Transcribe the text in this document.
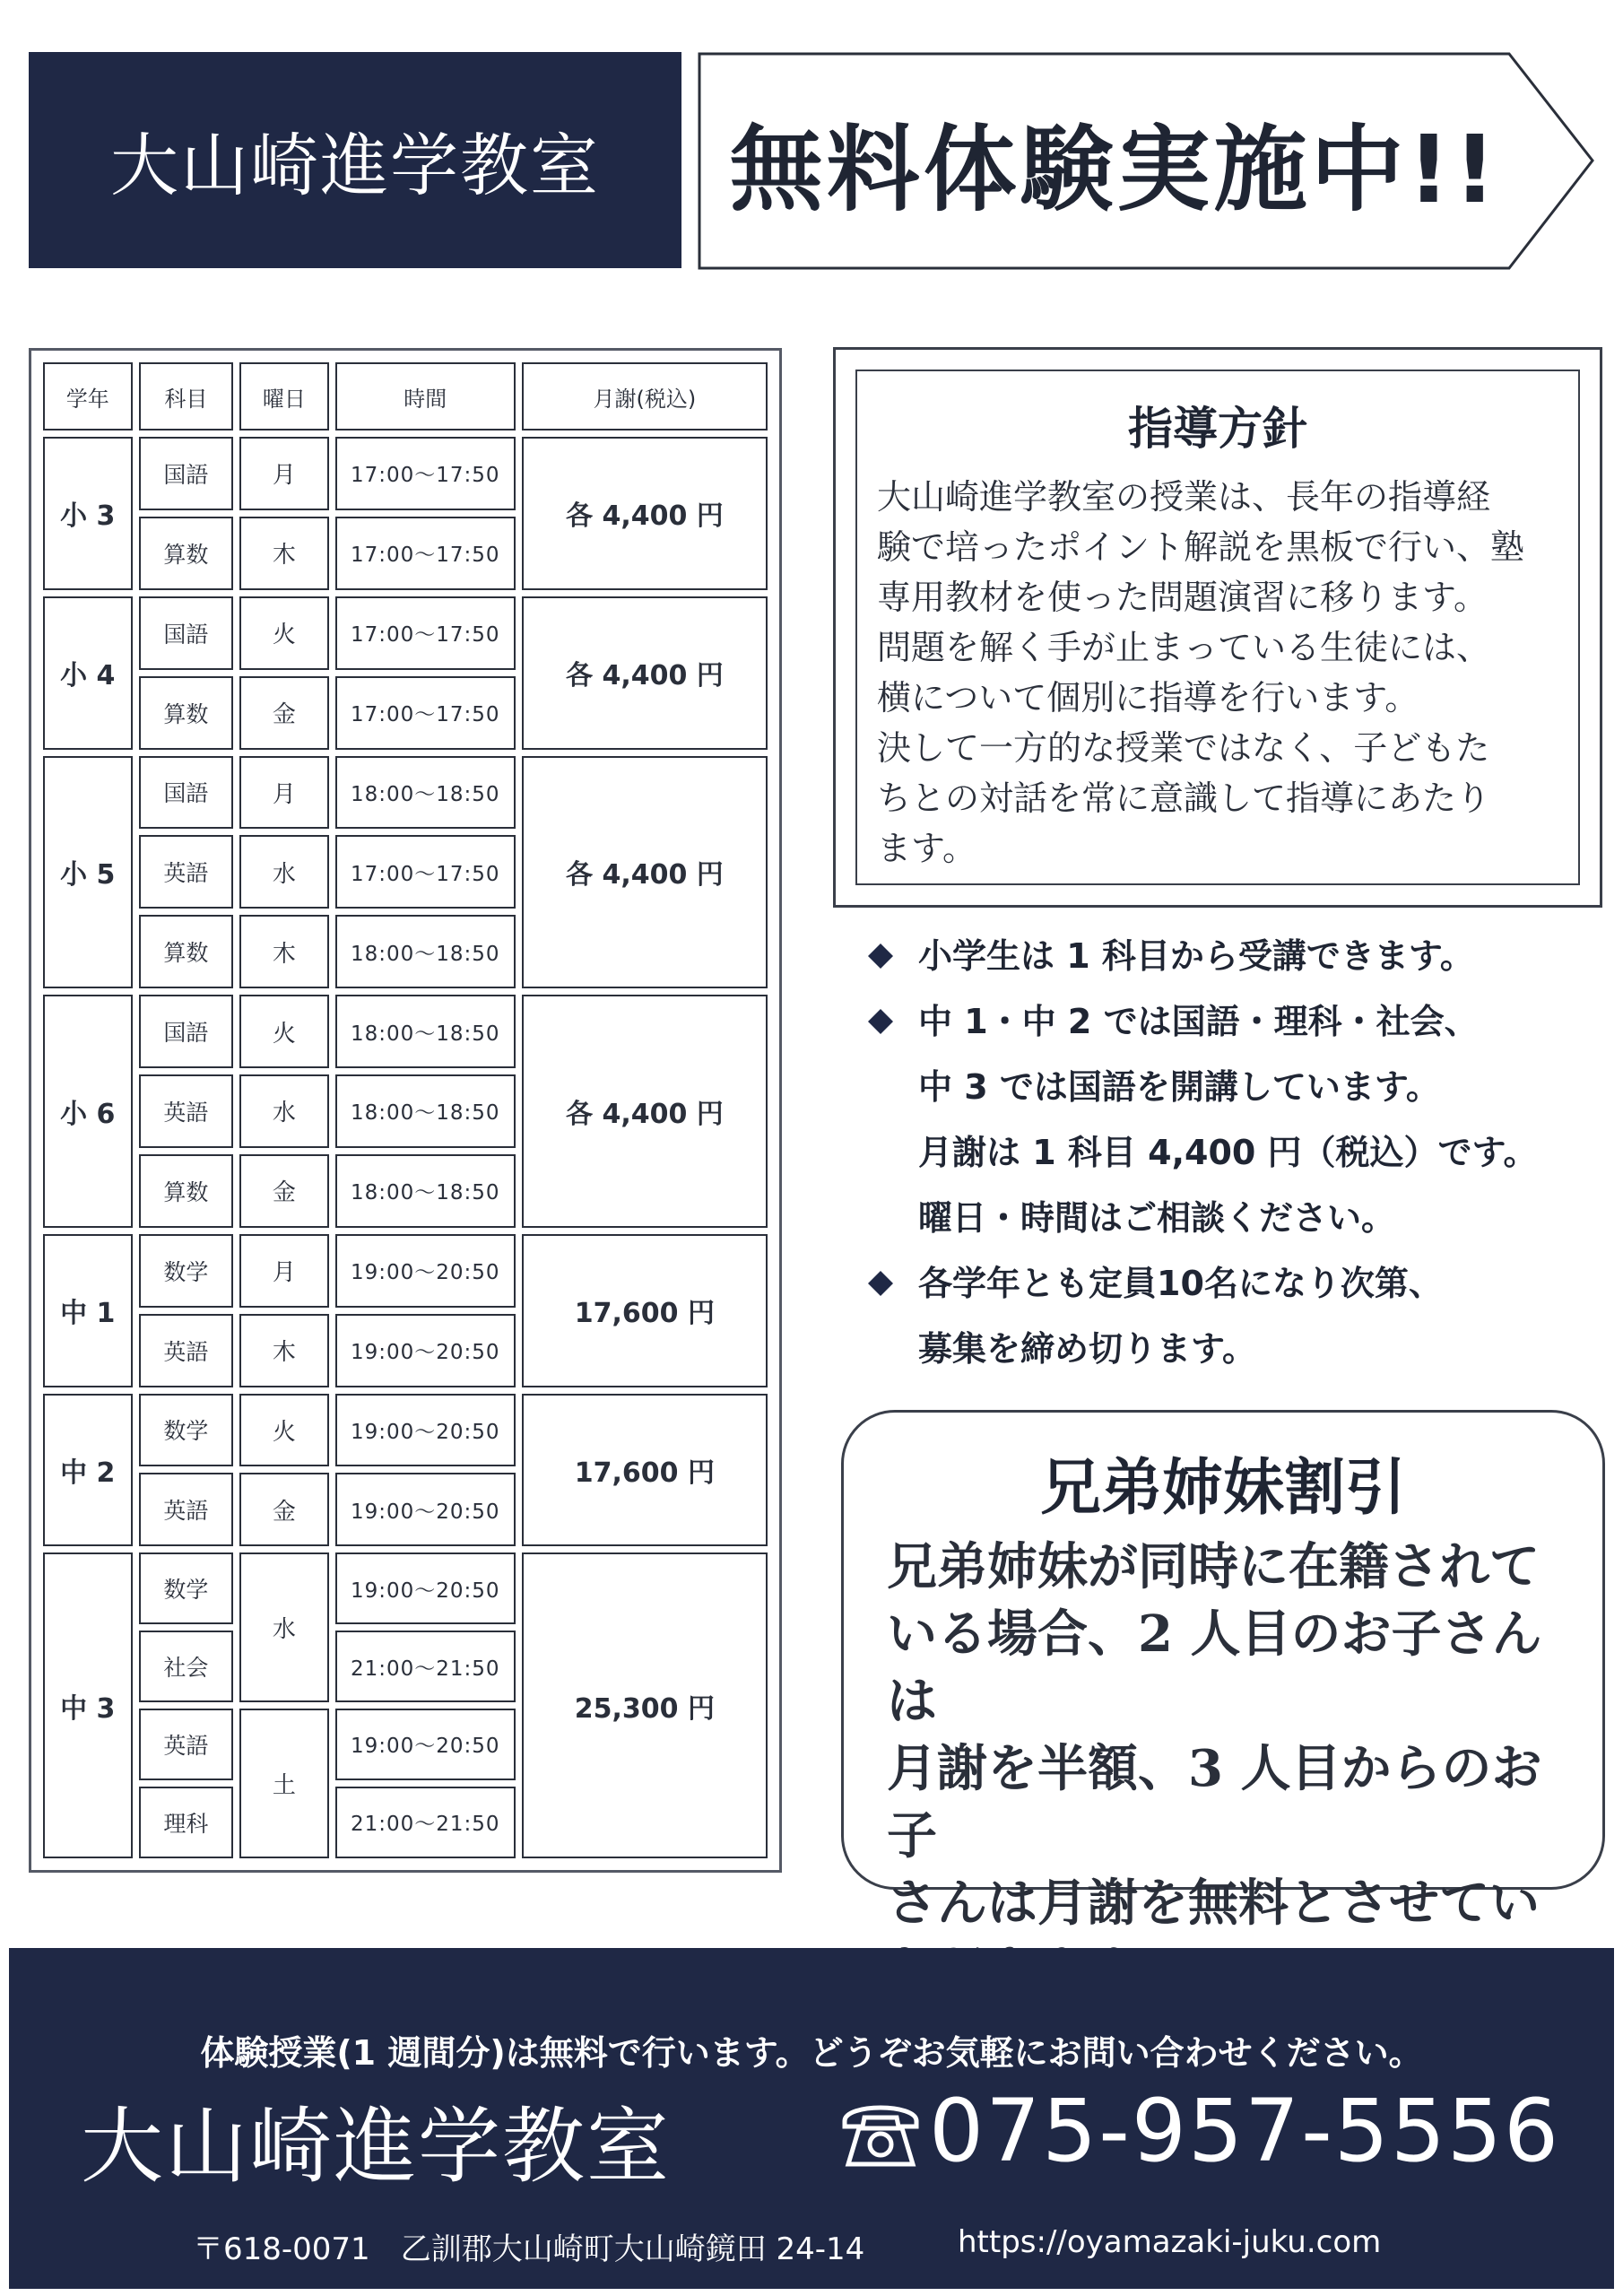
大山崎進学教室 無料体験実施中!!
学年	科目	曜日	時間	月謝(税込)
小 3	国語	月	17:00～17:50	各 4,400 円
	算数	木	17:00～17:50	
小 4	国語	火	17:00～17:50	各 4,400 円
	算数	金	17:00～17:50	
小 5	国語	月	18:00～18:50	各 4,400 円
	英語	水	17:00～17:50	
	算数	木	18:00～18:50	
小 6	国語	火	18:00～18:50	各 4,400 円
	英語	水	18:00～18:50	
	算数	金	18:00～18:50	
中 1	数学	月	19:00～20:50	17,600 円
	英語	木	19:00～20:50	
中 2	数学	火	19:00～20:50	17,600 円
	英語	金	19:00～20:50	
中 3	数学	水	19:00～20:50	25,300 円
	社会		21:00～21:50	
	英語	土	19:00～20:50	
	理科		21:00～21:50	
指導方針
大山崎進学教室の授業は、長年の指導経
験で培ったポイント解説を黒板で行い、塾
専用教材を使った問題演習に移ります。
問題を解く手が止まっている生徒には、
横について個別に指導を行います。
決して一方的な授業ではなく、子どもた
ちとの対話を常に意識して指導にあたり
ます。
小学生は 1 科目から受講できます。
中 1・中 2 では国語・理科・社会、
中 3 では国語を開講しています。
月謝は 1 科目 4,400 円（税込）です。
曜日・時間はご相談ください。
各学年とも定員10名になり次第、
募集を締め切ります。
兄弟姉妹割引
兄弟姉妹が同時に在籍されて
いる場合、2 人目のお子さんは
月謝を半額、3 人目からのお子
さんは月謝を無料とさせてい

体験授業(1 週間分)は無料で行います。どうぞお気軽にお問い合わせください。
大山崎進学教室	075-957-5556
〒618-0071　乙訓郡大山崎町大山崎鏡田 24-14	https://oyamazaki-juku.com
